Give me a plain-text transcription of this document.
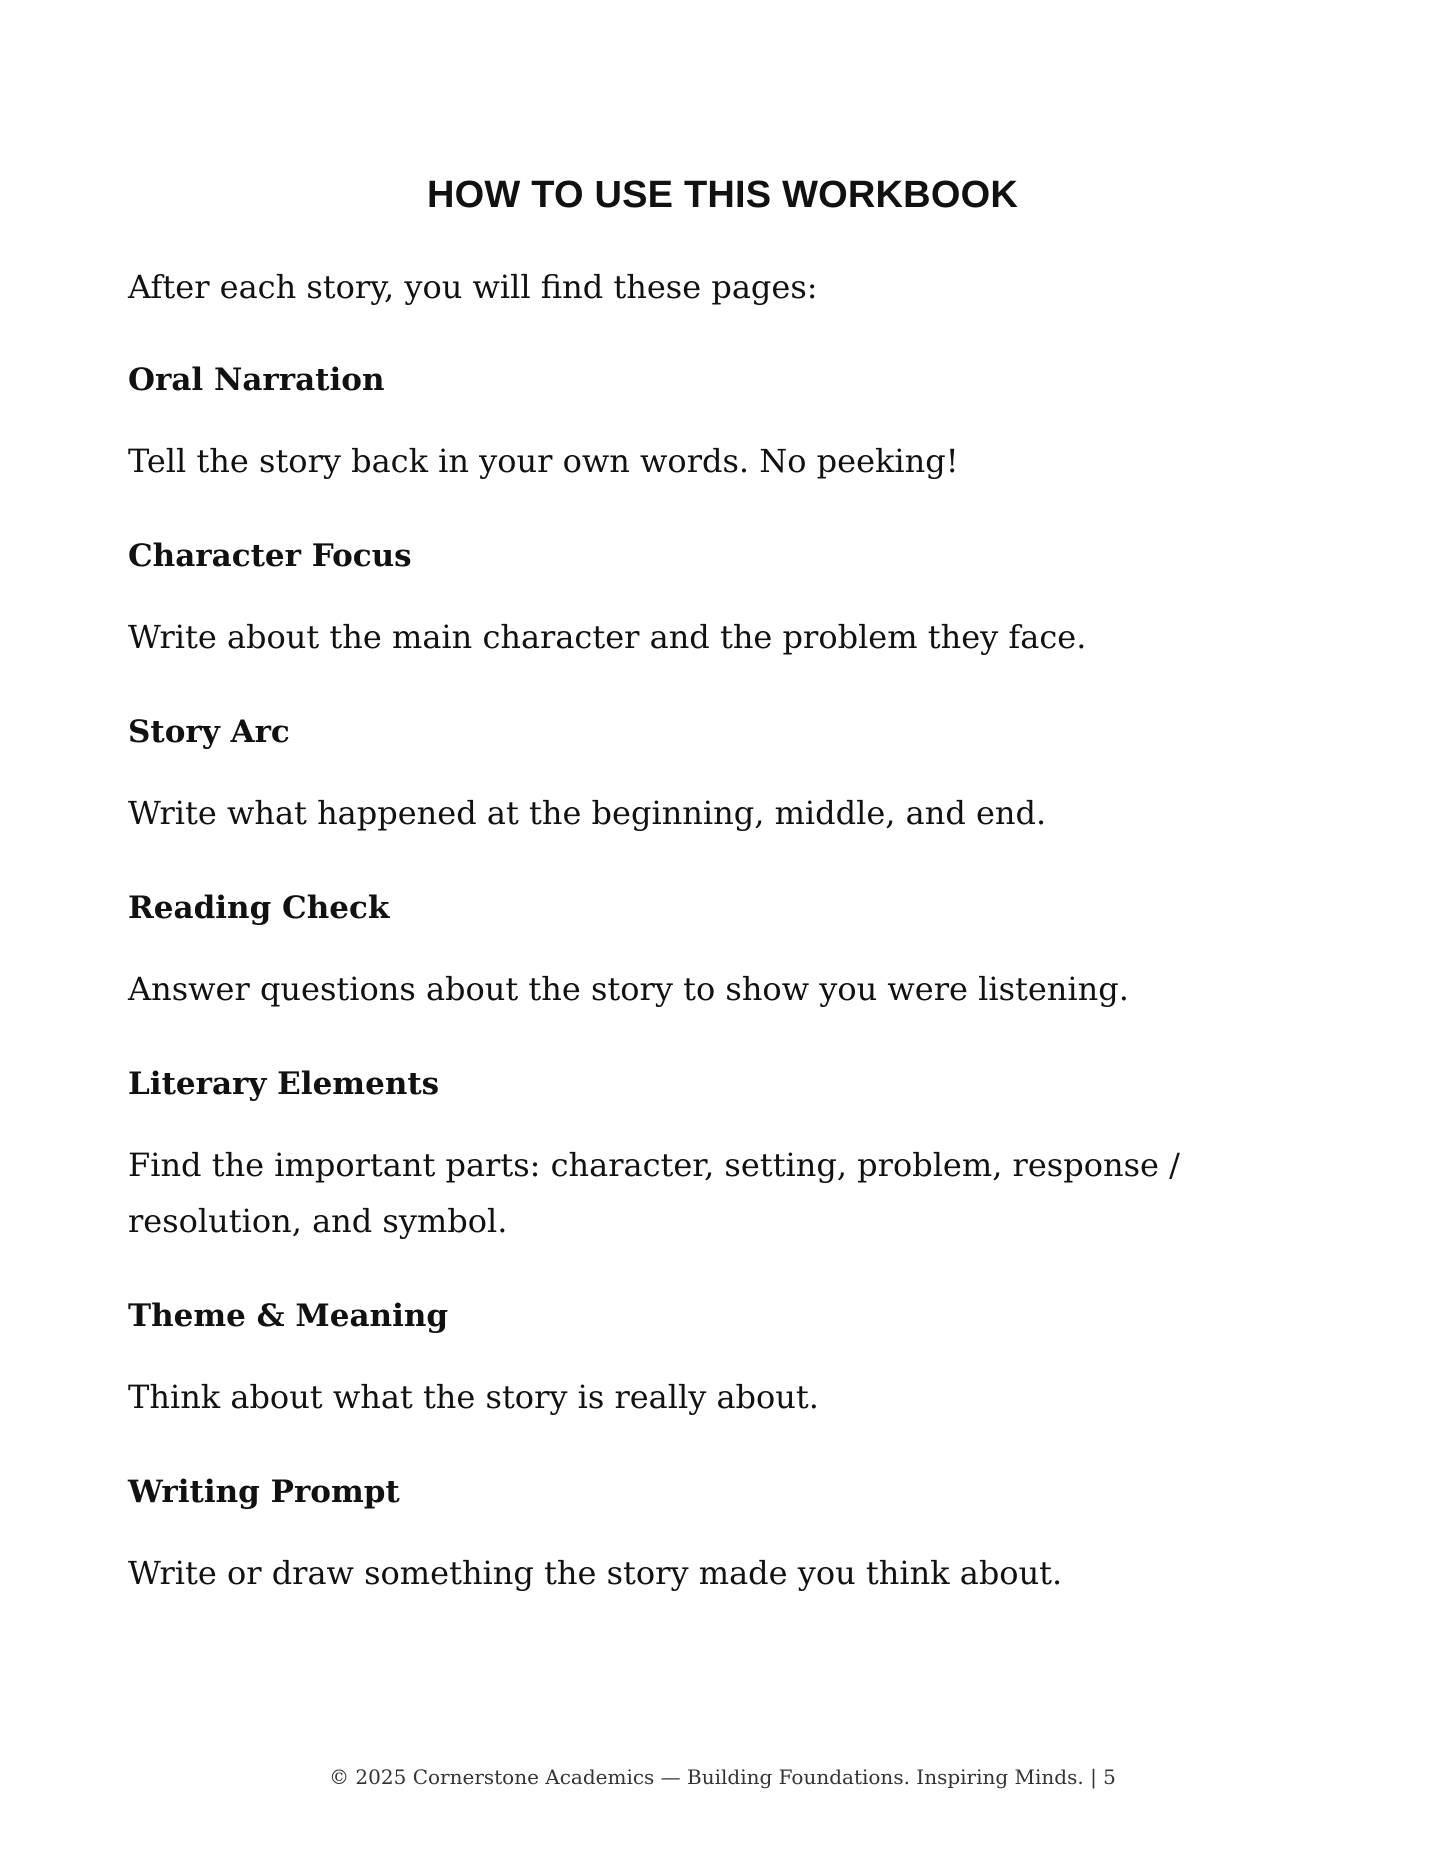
HOW TO USE THIS WORKBOOK

After each story, you will find these pages:

Oral Narration

Tell the story back in your own words. No peeking!

Character Focus

Write about the main character and the problem they face.

Story Arc

Write what happened at the beginning, middle, and end.

Reading Check

Answer questions about the story to show you were listening.

Literary Elements

Find the important parts: character, setting, problem, response / resolution, and symbol.

Theme & Meaning

Think about what the story is really about.

Writing Prompt

Write or draw something the story made you think about.

© 2025 Cornerstone Academics — Building Foundations. Inspiring Minds. | 5
